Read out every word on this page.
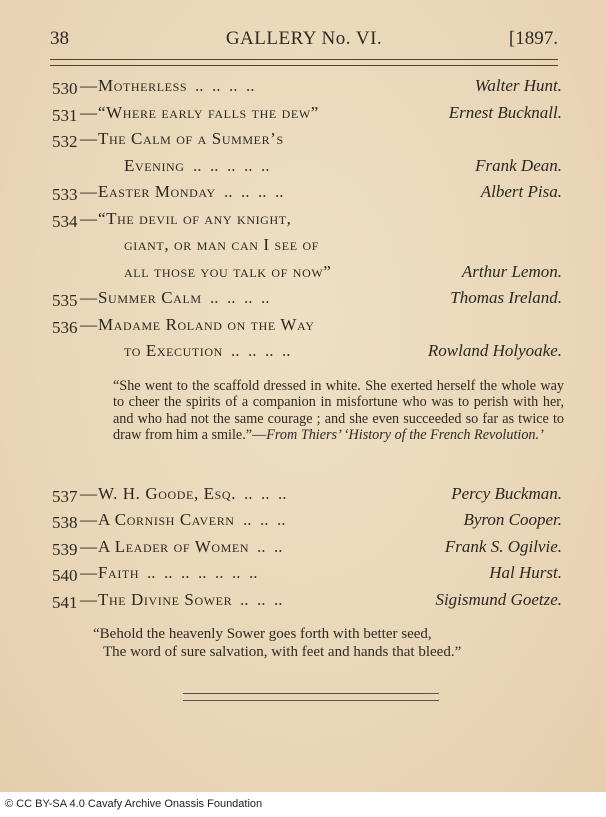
38	GALLERY No. VI.	[1897.
530 — Motherless ..  ..  ..  ..	Walter Hunt.
531 — “Where early falls the dew”	Ernest Bucknall.
532 — The Calm of a Summer’s
Evening ..  ..  ..  ..  ..	Frank Dean.
533 — Easter Monday ..  ..  ..  ..	Albert Pisa.
534 — “The devil of any knight,
giant, or man can I see of
all those you talk of now”	Arthur Lemon.
535 — Summer Calm ..  ..  ..  ..	Thomas Ireland.
536 — Madame Roland on the Way
to Execution ..  ..  ..  ..	Rowland Holyoake.
537 — W. H. Goode, Esq. ..  ..  ..	Percy Buckman.
538 — A Cornish Cavern ..  ..  ..	Byron Cooper.
539 — A Leader of Women ..  ..	Frank S. Ogilvie.
540 — Faith ..  ..  ..  ..  ..  ..  ..	Hal Hurst.
541 — The Divine Sower ..  ..  ..	Sigismund Goetze.
“She went to the scaffold dressed in white. She exerted herself the whole way to cheer the spirits of a companion in misfortune who was to perish with her, and who had not the same courage ; and she even succeeded so far as twice to draw from him a smile.”—From Thiers’ ‘History of the French Revolution.’
“Behold the heavenly Sower goes forth with better seed,
The word of sure salvation, with feet and hands that bleed.”
© CC BY-SA 4.0 Cavafy Archive Onassis Foundation
